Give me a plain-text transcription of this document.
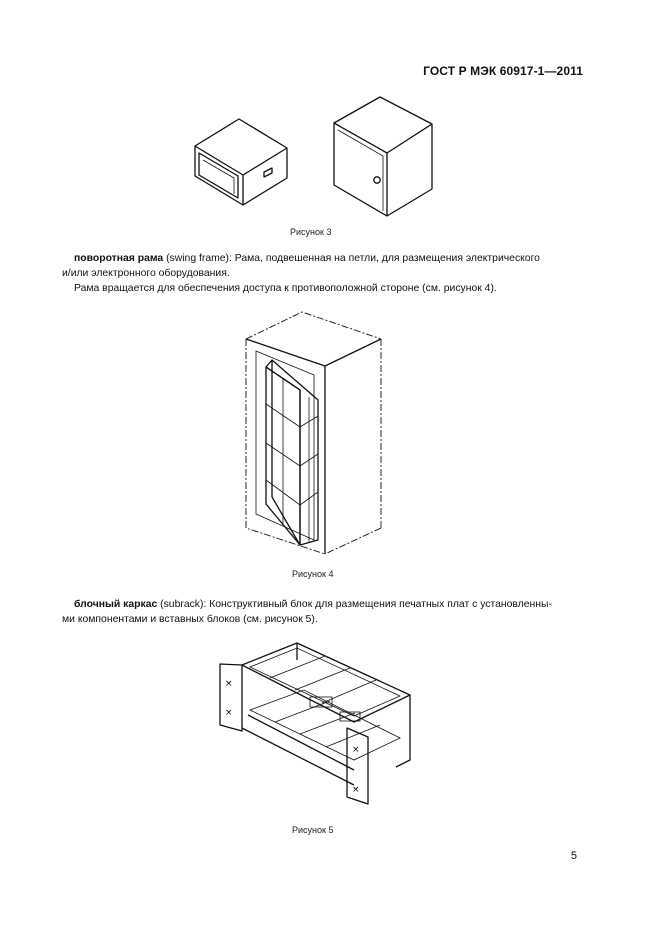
ГОСТ Р МЭК 60917-1—2011
Рисунок 3
поворотная рама (swing frame): Рама, подвешенная на петли, для размещения электрического
и/или электронного оборудования.
Рама вращается для обеспечения доступа к противоположной стороне (см. рисунок 4).
Рисунок 4
блочный каркас (subrack): Конструктивный блок для размещения печатных плат с установленны-
ми компонентами и вставных блоков (см. рисунок 5).
×
×
×
×
Рисунок 5
5
